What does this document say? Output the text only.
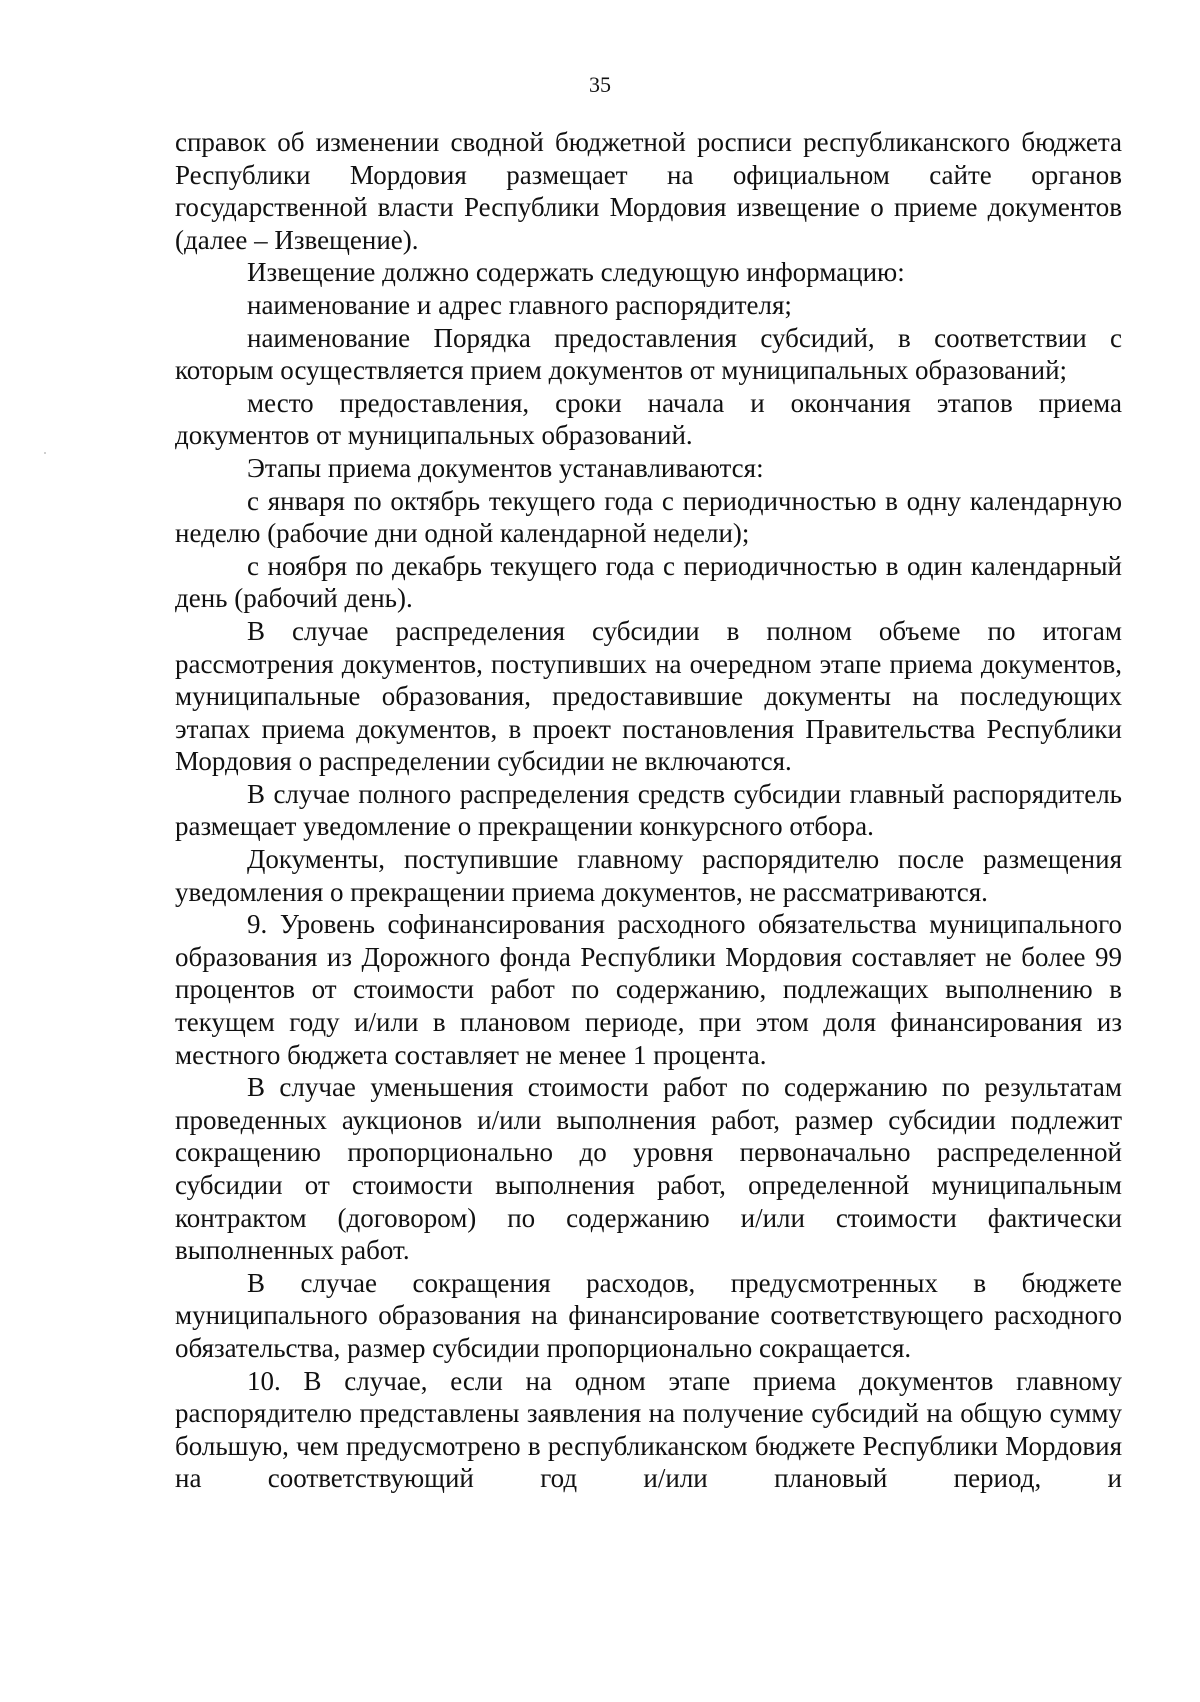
35

справок об изменении сводной бюджетной росписи республиканского бюджета Республики Мордовия размещает на официальном сайте органов государственной власти Республики Мордовия извещение о приеме документов (далее – Извещение).

Извещение должно содержать следующую информацию:

наименование и адрес главного распорядителя;

наименование Порядка предоставления субсидий, в соответствии с которым осуществляется прием документов от муниципальных образований;

место предоставления, сроки начала и окончания этапов приема документов от муниципальных образований.

Этапы приема документов устанавливаются:

с января по октябрь текущего года с периодичностью в одну календарную неделю (рабочие дни одной календарной недели);

с ноября по декабрь текущего года с периодичностью в один календарный день (рабочий день).

В случае распределения субсидии в полном объеме по итогам рассмотрения документов, поступивших на очередном этапе приема документов, муниципальные образования, предоставившие документы на последующих этапах приема документов, в проект постановления Правительства Республики Мордовия о распределении субсидии не включаются.

В случае полного распределения средств субсидии главный распорядитель размещает уведомление о прекращении конкурсного отбора.

Документы, поступившие главному распорядителю после размещения уведомления о прекращении приема документов, не рассматриваются.

9. Уровень софинансирования расходного обязательства муниципального образования из Дорожного фонда Республики Мордовия составляет не более 99 процентов от стоимости работ по содержанию, подлежащих выполнению в текущем году и/или в плановом периоде, при этом доля финансирования из местного бюджета составляет не менее 1 процента.

В случае уменьшения стоимости работ по содержанию по результатам проведенных аукционов и/или выполнения работ, размер субсидии подлежит сокращению пропорционально до уровня первоначально распределенной субсидии от стоимости выполнения работ, определенной муниципальным контрактом (договором) по содержанию и/или стоимости фактически выполненных работ.

В случае сокращения расходов, предусмотренных в бюджете муниципального образования на финансирование соответствующего расходного обязательства, размер субсидии пропорционально сокращается.

10. В случае, если на одном этапе приема документов главному распорядителю представлены заявления на получение субсидий на общую сумму большую, чем предусмотрено в республиканском бюджете Республики Мордовия на соответствующий год и/или плановый период, и
